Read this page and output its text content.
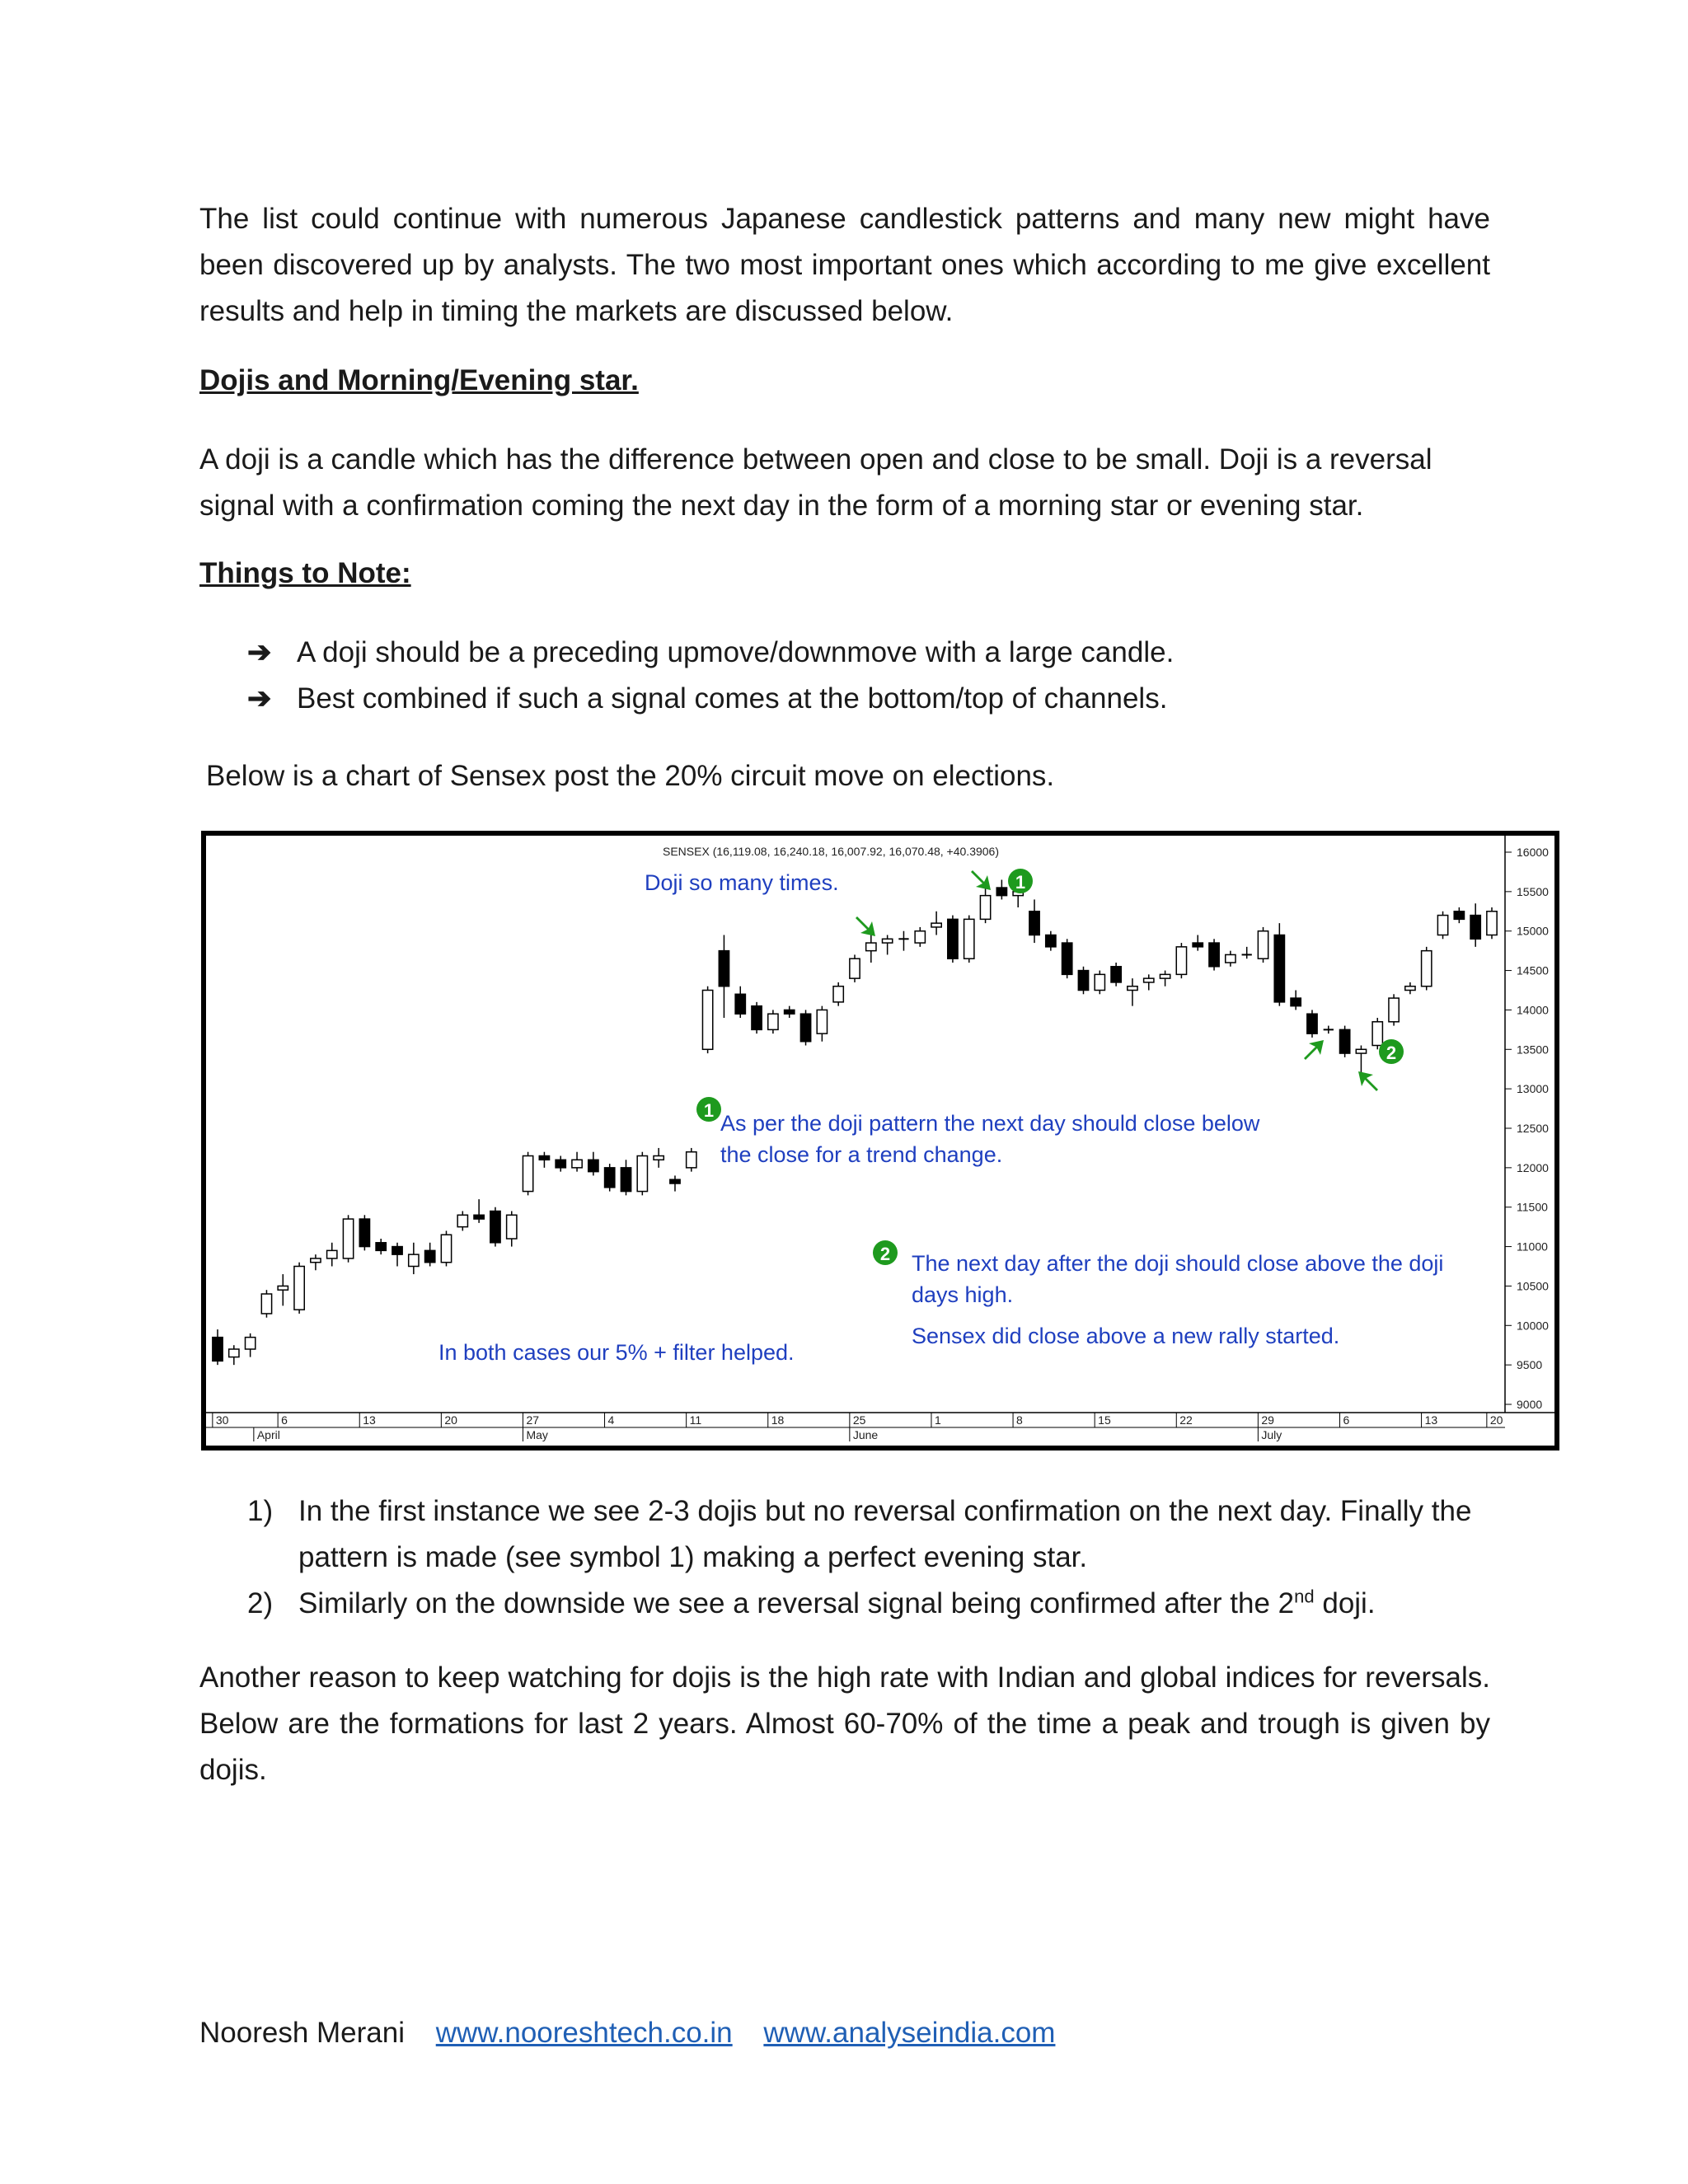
The list could continue with numerous Japanese candlestick patterns and many new might have been discovered up by analysts. The two most important ones which according to me give excellent results and help in timing the markets are discussed below.

Dojis and Morning/Evening star.

A doji is a candle which has the difference between open and close to be small. Doji is a reversal signal with a confirmation coming the next day in the form of a morning star or evening star.

Things to Note:

➔ A doji should be a preceding upmove/downmove with a large candle.
➔ Best combined if such a signal comes at the bottom/top of channels.

Below is a chart of Sensex post the 20% circuit move on elections.

SENSEX (16,119.08, 16,240.18, 16,007.92, 16,070.48, +40.3906)	16000
15500
15000
14500
14000
13500
13000
12500
12000
11500
11000
10500
10000
9500
9000
30	6	13	20	27	4	11	18	25	1	8	15	22	29	6	13	20
April	May	June	July
Doji so many times.
As per the doji pattern the next day should close below the close for a trend change.
The next day after the doji should close above the doji days high.
Sensex did close above a new rally started.
In both cases our 5% + filter helped.
1
2
1
2
1) In the first instance we see 2-3 dojis but no reversal confirmation on the next day. Finally the pattern is made (see symbol 1) making a perfect evening star.
2) Similarly on the downside we see a reversal signal being confirmed after the 2nd doji.

Another reason to keep watching for dojis is the high rate with Indian and global indices for reversals. Below are the formations for last 2 years. Almost 60-70% of the time a peak and trough is given by dojis.

Nooresh Merani www.nooreshtech.co.in www.analyseindia.com
